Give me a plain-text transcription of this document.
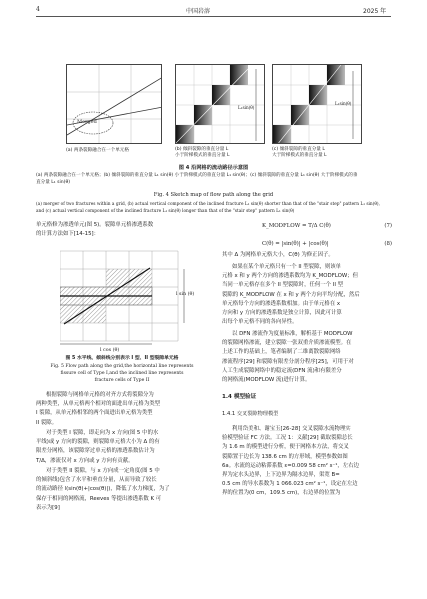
4	中国岩溶	2025 年
Merged
L₁sin(θ)
L₁sin(θ)
(a) 两条裂隙融合在一个单元格	(b) 倾斜裂隙的垂直分量 L
小于阶梯模式的垂直分量 L
(c) 倾斜裂隙的垂直分量 L
大于阶梯模式的垂直分量 L
图 4 沿网格的流动路径示意图
(a) 两条裂隙融合在一个单元格；(b) 倾斜裂隙的垂直分量 L₁ sin(θ) 小于阶梯模式的垂直分量 L₁ sin(θ)；(c) 倾斜裂隙的垂直分量 L₁ sin(θ) 大于阶梯模式的垂
直分量 L₁ sin(θ)
Fig. 4 Sketch map of flow path along the grid
(a) merger of two fractures within a grid, (b) actual vertical component of the inclined fracture L₁ sin(θ) shorter than that of the "stair step" pattern L₁ sin(θ),
and (c) actual vertical component of the inclined fracture L₁ sin(θ) longer than that of the "stair step" pattern L₁ sin(θ)
单元格修为渗透单元(图 5)。裂隙单元格渗透系数
的计算方法如下[14-15]：
l sin (θ)
l cos (θ)
图 5 水平线、倾斜线分别表示 I 型、II 型裂隙单元格
Fig. 5 Flow path along the grid,the horizontal line represents
fissure cell of Type I,and the inclined line represents
fracture cells of Type II
根据裂隙与网格单元格的对齐方式将裂隙分为
两种类型，从单元格两个相对的面进出单元格为类型
I 裂隙，从单元格相邻的两个面进出单元格为类型
II 裂隙。
对于类型 I 裂隙，即走向为 x 方向(图 5 中的水
平线)或 y 方向的裂隙，则裂隙单元格大小为 Δ 的有
限差分网格，该裂隙穿过单元格的渗透系数估计为
T/Δ，渗流仅对 x 方向或 y 方向有贡献。
对于类型 II 裂隙，与 x 方向成一定角度(图 5 中
的倾斜线)包含了水平和垂直分量，从而导致了较长
的流动路径 l(sin(θ)+|cos(θ)|)，降低了水力梯度，为了
保存于相同的网格流，Reeves 等提出渗透系数 K 可
表示为[9]
K_MODFLOW = T/Δ C(θ)	(7)
C(θ) = |sin(θ)| + |cos(θ)|	(8)
其中 Δ 为网格单元格大小，C(θ) 为修正因子。
如果在某个单元格只有一个 II 型裂隙，则该单
元格 x 和 y 两个方向的渗透系数均为 K_MODFLOW；但
当同一单元格存在多个 II 型裂隙时，任何一个 II 型
裂隙的 K_MODFLOW 在 x 和 y 两个方向平均分配，然后
单元格每个方向的渗透系数相加。由于单元格在 x
方向和 y 方向的渗透系数是独立计算，因此可计算
出每个单元格不同的各向异性。
以 DFN 渗流作为度量标准，解析基于 MODFLOW
的裂隙网格渗流，建立裂隙一张双重介质渗流模型。在
上述工作的基础上，笔者编制了二维离散裂隙网络
渗流程序[29] 和裂隙有限差分剖分程序[25]，可用于对
人工生成裂隙网络中的稳定流(DFN 流)和有限差分
的网格流(MODFLOW 流)进行计算。
1.4 模型验证
1.4.1 交叉裂隙物理模型
利用岱美和、谢宝玉[26-28] 交叉裂隙水流物理实
验模型验证 FC 方法。工况 1：义献[29] 截取裂隙总长
为 1.6 m 的模型进行分析，便于网格本方法，将交叉
裂隙置于边长为 138.6 cm 的方形域，模型参数如图
6a。水流的运动粘滞系数 ε=0.009 58 cm² s⁻¹，左右边
界为定水头边界，上下边界为隔水边界，渠宽 B=
0.5 cm 的导水系数为 1 066.023 cm² s⁻¹，设定在左边
界的位置为(0 cm，109.5 cm)，右边界的位置为
